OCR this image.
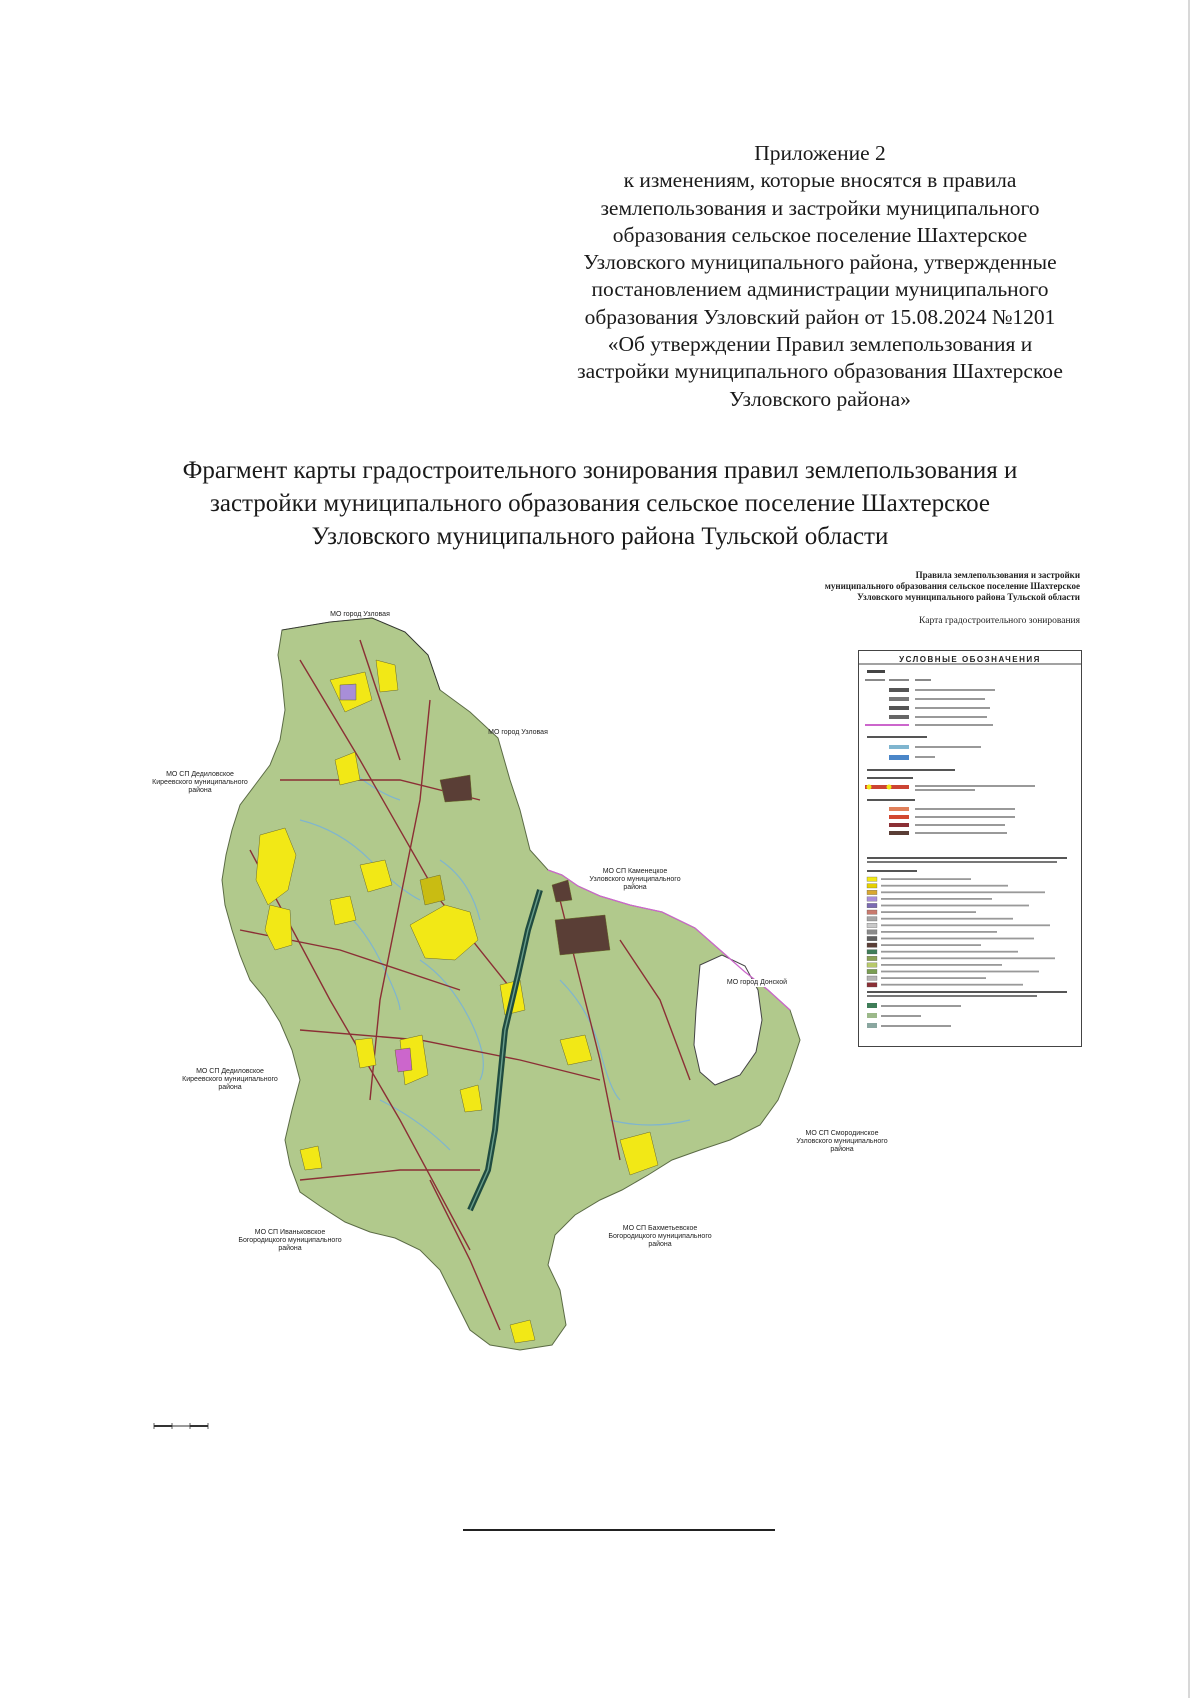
Приложение 2
к изменениям, которые вносятся в правила
землепользования и застройки муниципального
образования сельское поселение Шахтерское
Узловского муниципального района, утвержденные
постановлением администрации муниципального
образования Узловский район от 15.08.2024 №1201
«Об утверждении Правил землепользования и
застройки муниципального образования Шахтерское
Узловского района»
Фрагмент карты градостроительного зонирования правил землепользования и
застройки муниципального образования сельское поселение Шахтерское
Узловского муниципального района Тульской области
Правила землепользования и застройки
муниципального образования сельское поселение Шахтерское
Узловского муниципального района Тульской области
Карта градостроительного зонирования
УСЛОВНЫЕ ОБОЗНАЧЕНИЯ
МО город Узловая
МО город Узловая
МО СП Дедиловское
Киреевского муниципального
района
МО СП Каменецкое
Узловского муниципального
района
МО СП Дедиловское
Киреевского муниципального
района
МО город Донской
МО СП Смородинское
Узловского муниципального
района
МО СП Иваньковское
Богородицкого муниципального
района
МО СП Бахметьевское
Богородицкого муниципального
района
